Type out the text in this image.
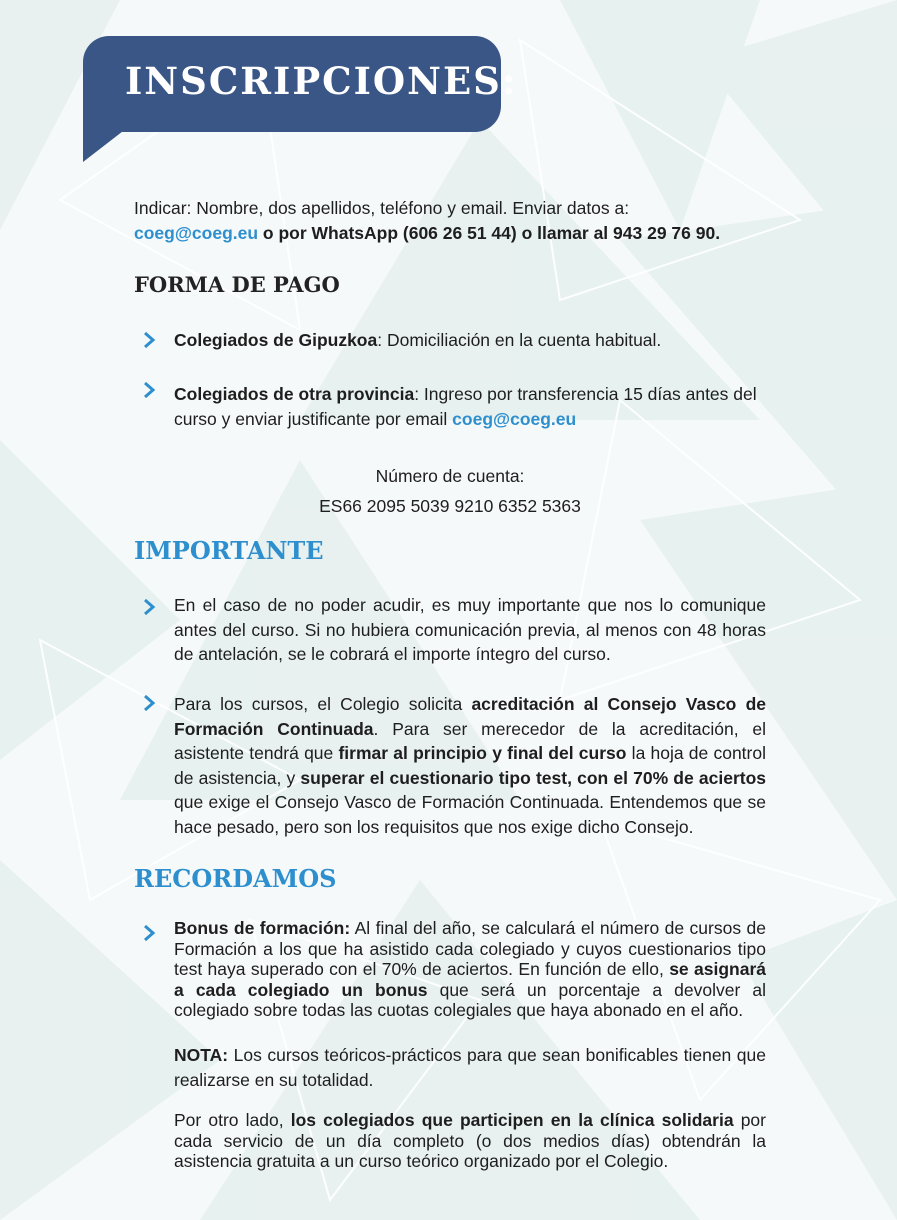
INSCRIPCIONES:
Indicar: Nombre, dos apellidos, teléfono y email. Enviar datos a:
coeg@coeg.eu o por WhatsApp (606 26 51 44) o llamar al 943 29 76 90.
FORMA DE PAGO
Colegiados de Gipuzkoa: Domiciliación en la cuenta habitual.
Colegiados de otra provincia: Ingreso por transferencia 15 días antes del curso y enviar justificante por email coeg@coeg.eu
Número de cuenta:
ES66 2095 5039 9210 6352 5363
IMPORTANTE
En el caso de no poder acudir, es muy importante que nos lo comunique antes del curso. Si no hubiera comunicación previa, al menos con 48 horas de antelación, se le cobrará el importe íntegro del curso.
Para los cursos, el Colegio solicita acreditación al Consejo Vasco de Formación Continuada. Para ser merecedor de la acreditación, el asistente tendrá que firmar al principio y final del curso la hoja de control de asistencia, y superar el cuestionario tipo test, con el 70% de aciertos que exige el Consejo Vasco de Formación Continuada. Entendemos que se hace pesado, pero son los requisitos que nos exige dicho Consejo.
RECORDAMOS
Bonus de formación: Al final del año, se calculará el número de cursos de Formación a los que ha asistido cada colegiado y cuyos cuestionarios tipo test haya superado con el 70% de aciertos. En función de ello, se asignará a cada colegiado un bonus que será un porcentaje a devolver al colegiado sobre todas las cuotas colegiales que haya abonado en el año.
NOTA: Los cursos teóricos-prácticos para que sean bonificables tienen que realizarse en su totalidad.
Por otro lado, los colegiados que participen en la clínica solidaria por cada servicio de un día completo (o dos medios días) obtendrán la asistencia gratuita a un curso teórico organizado por el Colegio.
